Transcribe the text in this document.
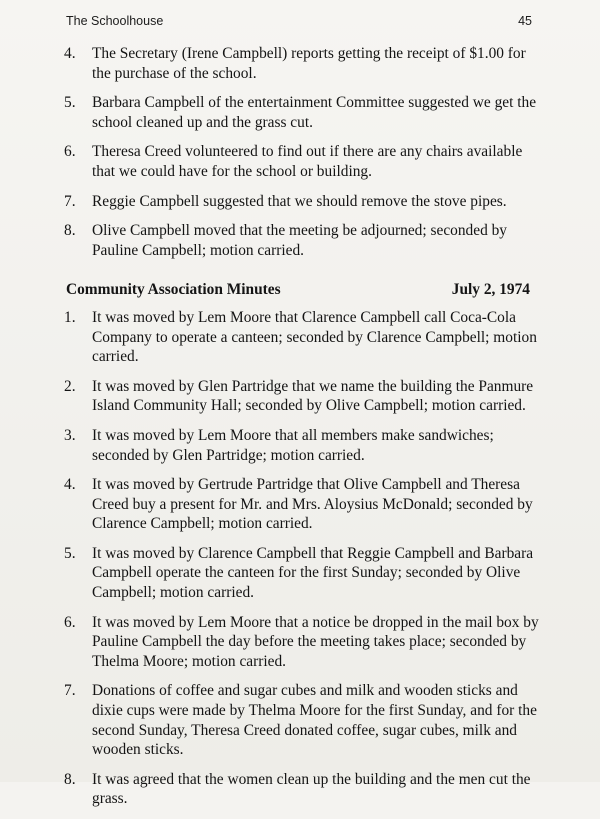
The Schoolhouse	45
4.	The Secretary (Irene Campbell) reports getting the receipt of $1.00 for the purchase of the school.
5.	Barbara Campbell of the entertainment Committee suggested we get the school cleaned up and the grass cut.
6.	Theresa Creed volunteered to find out if there are any chairs available that we could have for the school or building.
7.	Reggie Campbell suggested that we should remove the stove pipes.
8.	Olive Campbell moved that the meeting be adjourned; seconded by Pauline Campbell; motion carried.
Community Association Minutes	July 2, 1974
1.	It was moved by Lem Moore that Clarence Campbell call Coca-Cola Company to operate a canteen; seconded by Clarence Campbell; motion carried.
2.	It was moved by Glen Partridge that we name the building the Panmure Island Community Hall; seconded by Olive Campbell; motion carried.
3.	It was moved by Lem Moore that all members make sandwiches; seconded by Glen Partridge; motion carried.
4.	It was moved by Gertrude Partridge that Olive Campbell and Theresa Creed buy a present for Mr. and Mrs. Aloysius McDonald; seconded by Clarence Campbell; motion carried.
5.	It was moved by Clarence Campbell that Reggie Campbell and Barbara Campbell operate the canteen for the first Sunday; seconded by Olive Campbell; motion carried.
6.	It was moved by Lem Moore that a notice be dropped in the mail box by Pauline Campbell the day before the meeting takes place; seconded by Thelma Moore; motion carried.
7.	Donations of coffee and sugar cubes and milk and wooden sticks and dixie cups were made by Thelma Moore for the first Sunday, and for the second Sunday, Theresa Creed donated coffee, sugar cubes, milk and wooden sticks.
8.	It was agreed that the women clean up the building and the men cut the grass.
